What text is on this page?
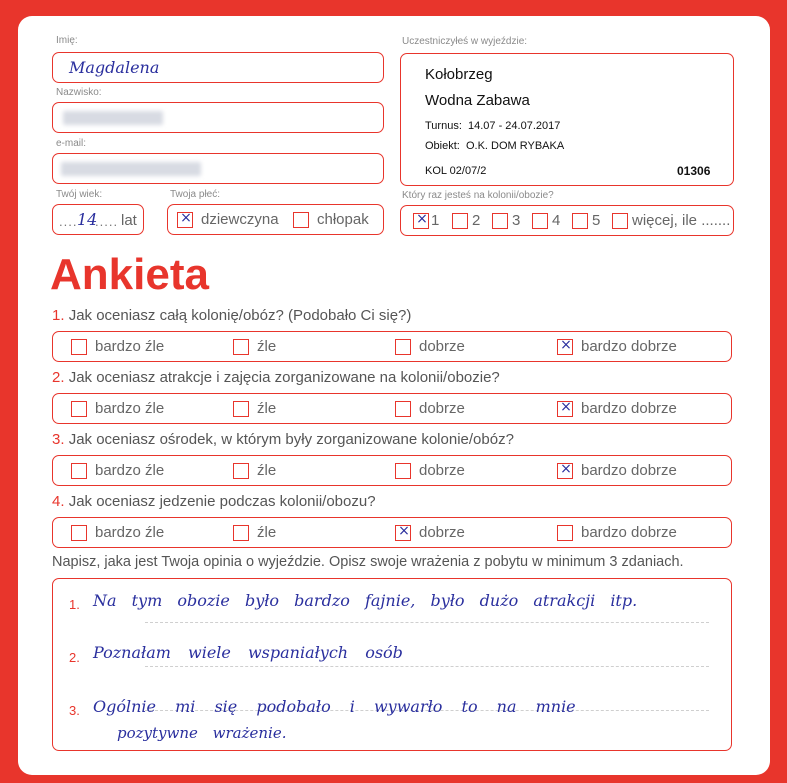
Imię:
Magdalena
Nazwisko:
e-mail:
Twój wiek:
.... 14
..... lat
Twoja płeć:
× dziewczyna	chłopak
Uczestniczyłeś w wyjeździe:
Kołobrzeg
Wodna Zabawa
Turnus:  14.07 - 24.07.2017
Obiekt:  O.K. DOM RYBAKA
KOL 02/07/2	01306
Który raz jesteś na kolonii/obozie?
× 1 2 3 4 5 więcej, ile .......
Ankieta
1. Jak oceniasz całą kolonię/obóz? (Podobało Ci się?)
bardzo źle	źle	dobrze	× bardzo dobrze
2. Jak oceniasz atrakcje i zajęcia zorganizowane na kolonii/obozie?
bardzo źle	źle	dobrze	× bardzo dobrze
3. Jak oceniasz ośrodek, w którym były zorganizowane kolonie/obóz?
bardzo źle	źle	dobrze	× bardzo dobrze
4. Jak oceniasz jedzenie podczas kolonii/obozu?
bardzo źle	źle	× dobrze	bardzo dobrze
Napisz, jaka jest Twoja opinia o wyjeździe. Opisz swoje wrażenia z pobytu w minimum 3 zdaniach.
1. Na tym obozie było bardzo fajnie, było dużo atrakcji itp.
2. Poznałam wiele wspaniałych osób
3. Ogólnie mi się podobało i wywarło to na mnie
pozytywne wrażenie.
